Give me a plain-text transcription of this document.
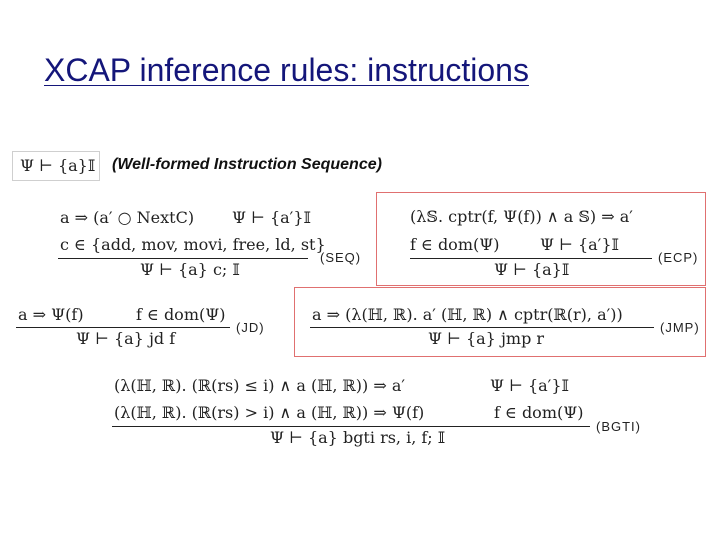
XCAP inference rules: instructions
Ψ ⊢ {a}𝕀 (Well-formed Instruction Sequence)
a ⇒ (a′ ○ NextC) Ψ ⊢ {a′}𝕀
c ∈ {add, mov, movi, free, ld, st}
Ψ ⊢ {a} c; 𝕀
(SEQ)
(λ𝕊. cptr(f, Ψ(f)) ∧ a 𝕊) ⇒ a′
f ∈ dom(Ψ)	Ψ ⊢ {a′}𝕀
Ψ ⊢ {a}𝕀
(ECP)
a ⇒ Ψ(f)	f ∈ dom(Ψ)
Ψ ⊢ {a} jd f
(JD)
a ⇒ (λ(ℍ, ℝ). a′ (ℍ, ℝ) ∧ cptr(ℝ(r), a′))
Ψ ⊢ {a} jmp r
(JMP)
(λ(ℍ, ℝ). (ℝ(rs) ≤ i) ∧ a (ℍ, ℝ)) ⇒ a′	Ψ ⊢ {a′}𝕀
(λ(ℍ, ℝ). (ℝ(rs) > i) ∧ a (ℍ, ℝ)) ⇒ Ψ(f)	f ∈ dom(Ψ)
Ψ ⊢ {a} bgti rs, i, f; 𝕀
(BGTI)
